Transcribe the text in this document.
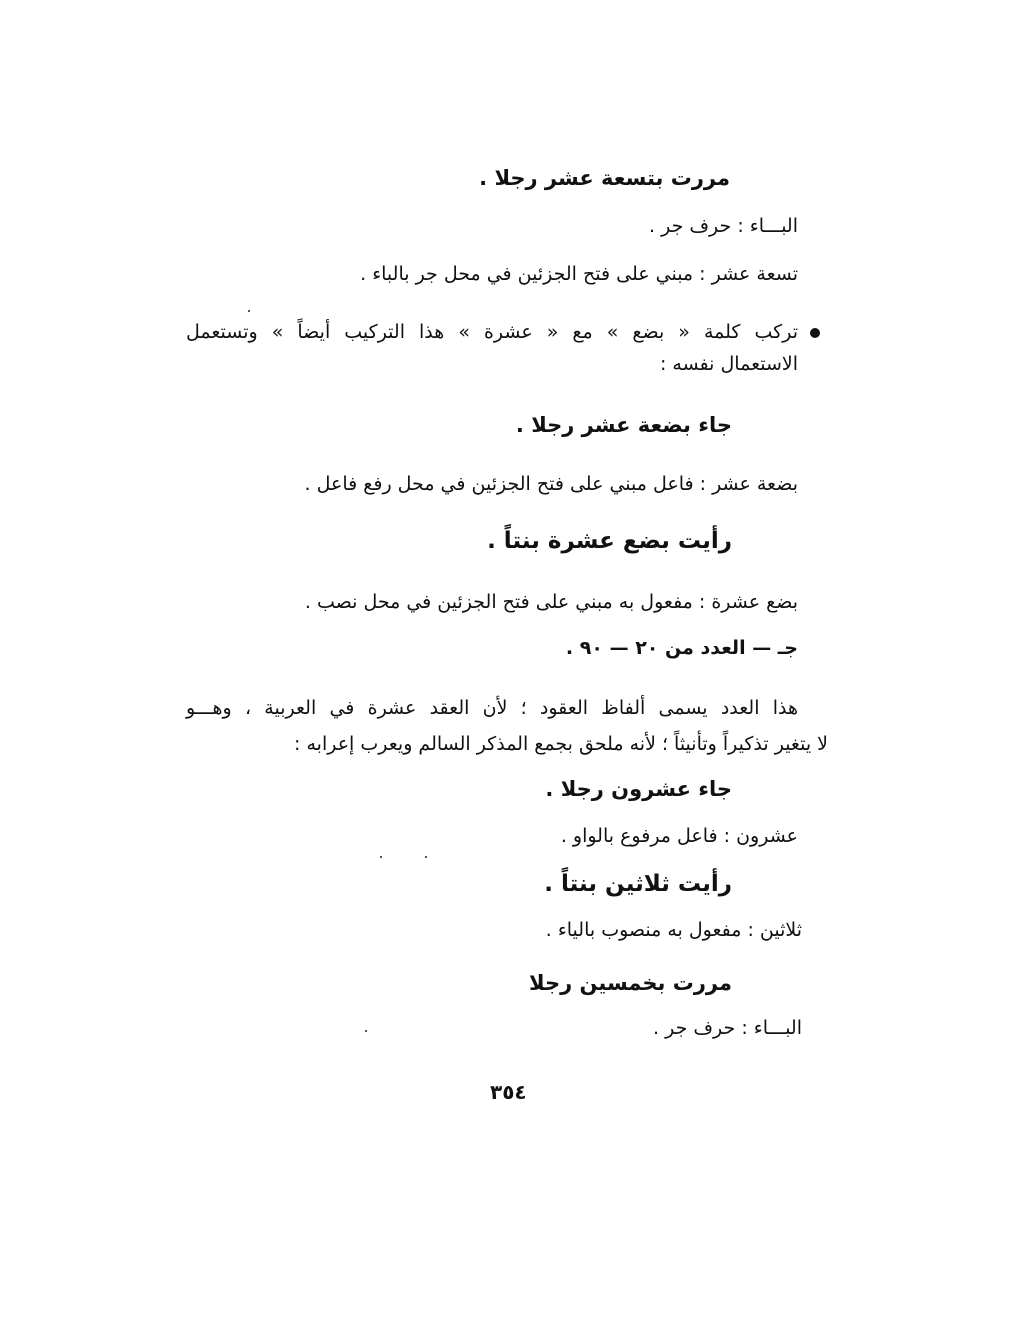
مررت بتسعة عشر رجلا .
البـــاء : حرف جر .
تسعة عشر : مبني على فتح الجزئين في محل جر بالباء .
تركب كلمة « بضع » مع « عشرة » هذا التركيب أيضاً » وتستعمل
الاستعمال نفسه :
جاء بضعة عشر رجلا .
بضعة عشر : فاعل مبني على فتح الجزئين في محل رفع فاعل .
رأيت بضع عشرة بنتاً .
بضع عشرة : مفعول به مبني على فتح الجزئين في محل نصب .
جـ — العدد من ٢٠ — ٩٠ .
هذا العدد يسمى ألفاظ العقود ؛ لأن العقد عشرة في العربية ، وهـــو
لا يتغير تذكيراً وتأنيثاً ؛ لأنه ملحق بجمع المذكر السالم ويعرب إعرابه :
جاء عشرون رجلا .
عشرون : فاعل مرفوع بالواو .
رأيت ثلاثين بنتاً .
ثلاثين : مفعول به منصوب بالياء .
مررت بخمسين رجلا
البـــاء : حرف جر .
٣٥٤
